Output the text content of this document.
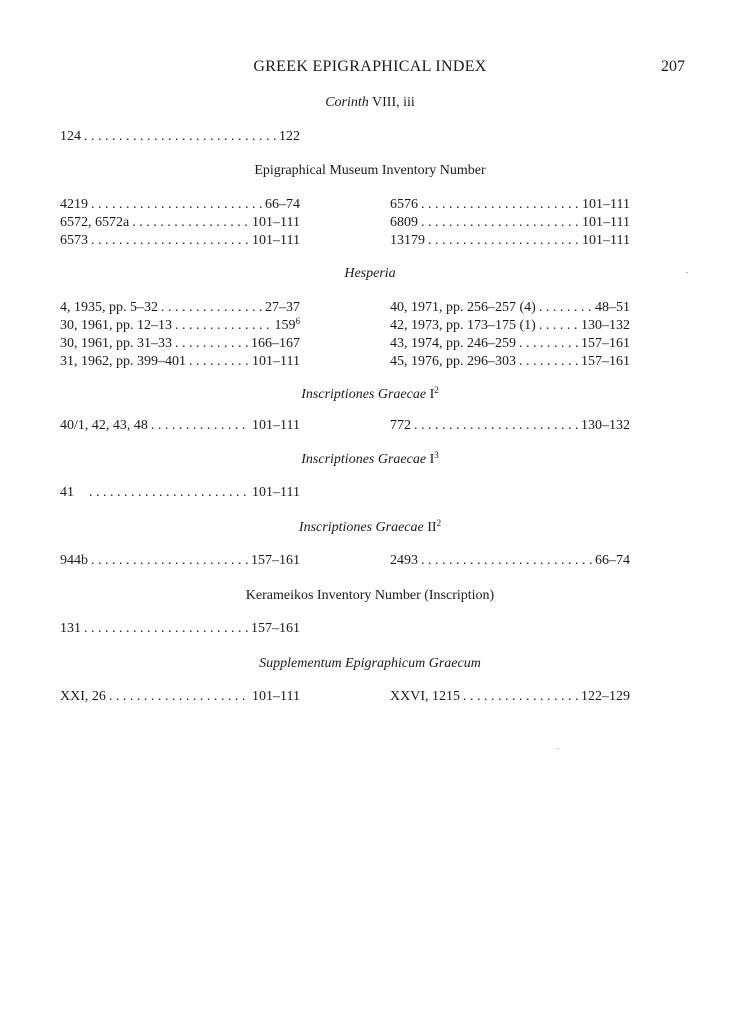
GREEK EPIGRAPHICAL INDEX	207
Corinth VIII, iii
124 . . .	122
Epigraphical Museum Inventory Number
4219 . . .	66–74
6572, 6572a . . .	101–111
6573 . . .	101–111
6576 . . .	101–111
6809 . . .	101–111
13179 . . .	101–111
Hesperia
4, 1935, pp. 5–32 . . .	27–37
30, 1961, pp. 12–13 . . .	$159^6$
30, 1961, pp. 31–33 . . .	166–167
31, 1962, pp. 399–401 . . .	101–111
40, 1971, pp. 256–257 (4) . . .	48–51
42, 1973, pp. 173–175 (1) . . .	130–132
43, 1974, pp. 246–259 . . .	157–161
45, 1976, pp. 296–303 . . .	157–161
Inscriptiones Graecae $I^2$
40/1, 42, 43, 48 . . .	101–111	772 . . .	130–132
Inscriptiones Graecae $I^3$
41 . . .	101–111
Inscriptiones Graecae $II^2$
944b . . .	157–161	2493 . . .	66–74
Kerameikos Inventory Number (Inscription)
131 . . .	157–161
Supplementum Epigraphicum Graecum
XXI, 26 . . .	101–111	XXVI, 1215 . . .	122–129
